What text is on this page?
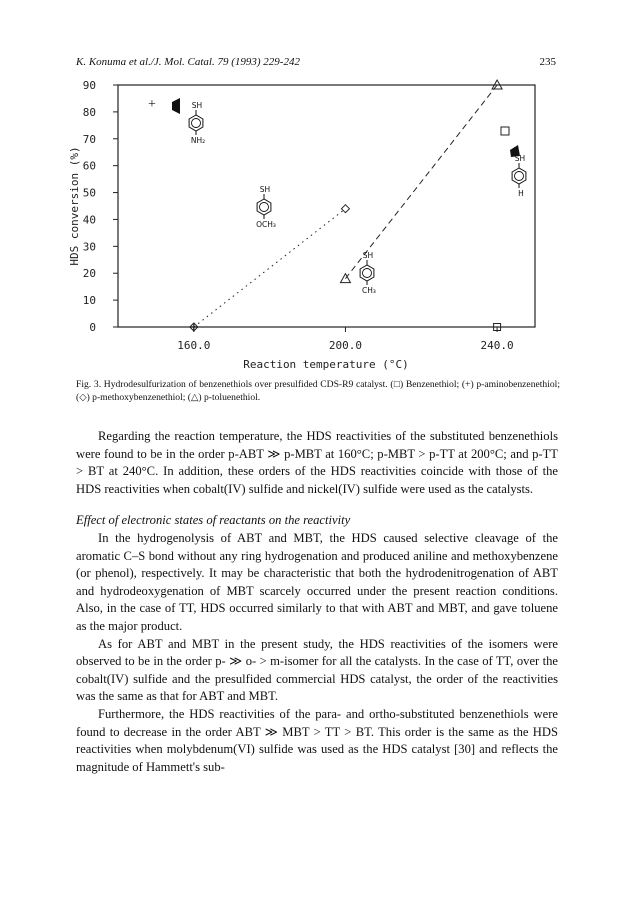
K. Konuma et al./J. Mol. Catal. 79 (1993) 229-242	235
0
10
20
30
40
50
60
70
80
90
160.0	200.0	240.0
+	SH
NH₂
SH
OCH₃
SH
CH₃
SH
H
HDS conversion (%)
Reaction temperature (°C)
Fig. 3. Hydrodesulfurization of benzenethiols over presulfided CDS-R9 catalyst. (□) Benzenethiol; (+) p-aminobenzenethiol; (◇) p-methoxybenzenethiol; (△) p-toluenethiol.

Regarding the reaction temperature, the HDS reactivities of the substituted benzenethiols were found to be in the order p-ABT ≫ p-MBT at 160°C; p-MBT > p-TT at 200°C; and p-TT > BT at 240°C. In addition, these orders of the HDS reactivities coincide with those of the HDS reactivities when cobalt(IV) sulfide and nickel(IV) sulfide were used as the catalysts.

Effect of electronic states of reactants on the reactivity

In the hydrogenolysis of ABT and MBT, the HDS caused selective cleavage of the aromatic C–S bond without any ring hydrogenation and produced aniline and methoxybenzene (or phenol), respectively. It may be characteristic that both the hydrodenitrogenation of ABT and hydrodeoxygenation of MBT scarcely occurred under the present reaction conditions. Also, in the case of TT, HDS occurred similarly to that with ABT and MBT, and gave toluene as the major product.

As for ABT and MBT in the present study, the HDS reactivities of the isomers were observed to be in the order p- ≫ o- > m-isomer for all the catalysts. In the case of TT, over the cobalt(IV) sulfide and the presulfided commercial HDS catalyst, the order of the reactivities was the same as that for ABT and MBT.

Furthermore, the HDS reactivities of the para- and ortho-substituted benzenethiols were found to decrease in the order ABT ≫ MBT > TT > BT. This order is the same as the HDS reactivities when molybdenum(VI) sulfide was used as the HDS catalyst [30] and reflects the magnitude of Hammett's sub-
